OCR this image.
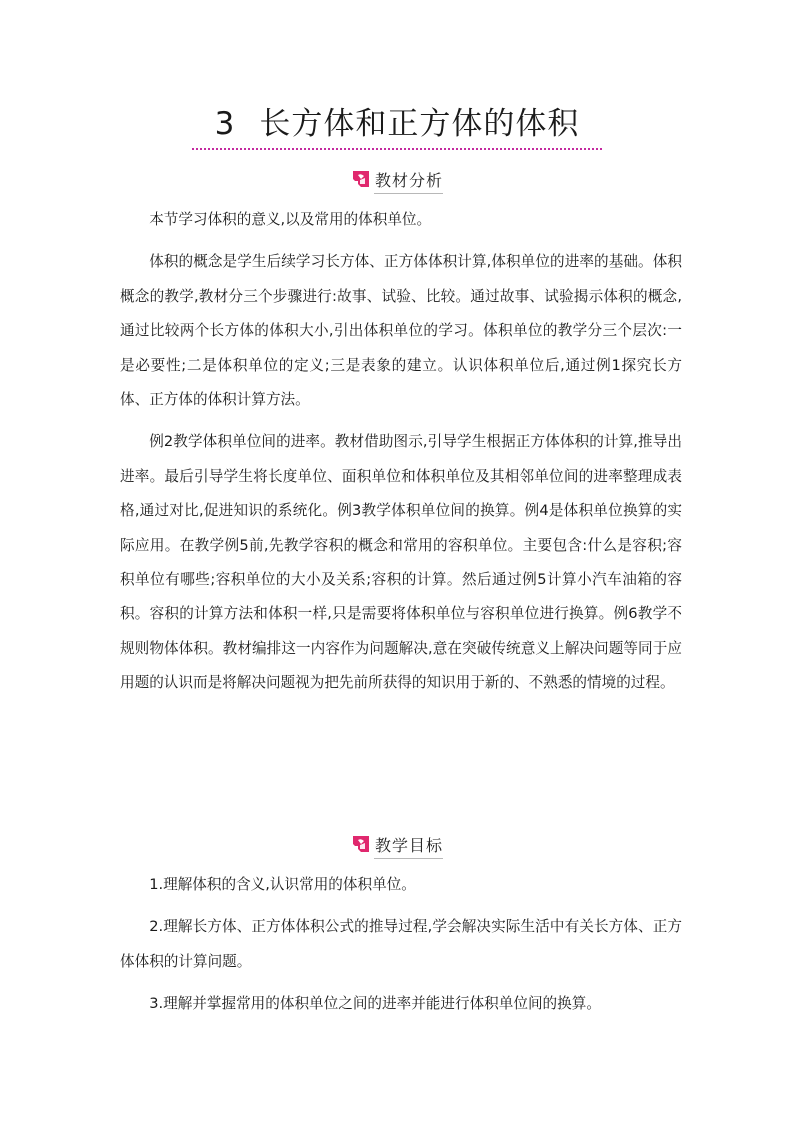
3 长方体和正方体的体积
教材分析

本节学习体积的意义,以及常用的体积单位。

体积的概念是学生后续学习长方体、正方体体积计算,体积单位的进率的基础。体积概念的教学,教材分三个步骤进行:故事、试验、比较。通过故事、试验揭示体积的概念,通过比较两个长方体的体积大小,引出体积单位的学习。体积单位的教学分三个层次:一是必要性;二是体积单位的定义;三是表象的建立。认识体积单位后,通过例1探究长方体、正方体的体积计算方法。

例2教学体积单位间的进率。教材借助图示,引导学生根据正方体体积的计算,推导出进率。最后引导学生将长度单位、面积单位和体积单位及其相邻单位间的进率整理成表格,通过对比,促进知识的系统化。例3教学体积单位间的换算。例4是体积单位换算的实际应用。在教学例5前,先教学容积的概念和常用的容积单位。主要包含:什么是容积;容积单位有哪些;容积单位的大小及关系;容积的计算。然后通过例5计算小汽车油箱的容积。容积的计算方法和体积一样,只是需要将体积单位与容积单位进行换算。例6教学不规则物体体积。教材编排这一内容作为问题解决,意在突破传统意义上解决问题等同于应用题的认识而是将解决问题视为把先前所获得的知识用于新的、不熟悉的情境的过程。

教学目标

1.理解体积的含义,认识常用的体积单位。

2.理解长方体、正方体体积公式的推导过程,学会解决实际生活中有关长方体、正方体体积的计算问题。

3.理解并掌握常用的体积单位之间的进率并能进行体积单位间的换算。
